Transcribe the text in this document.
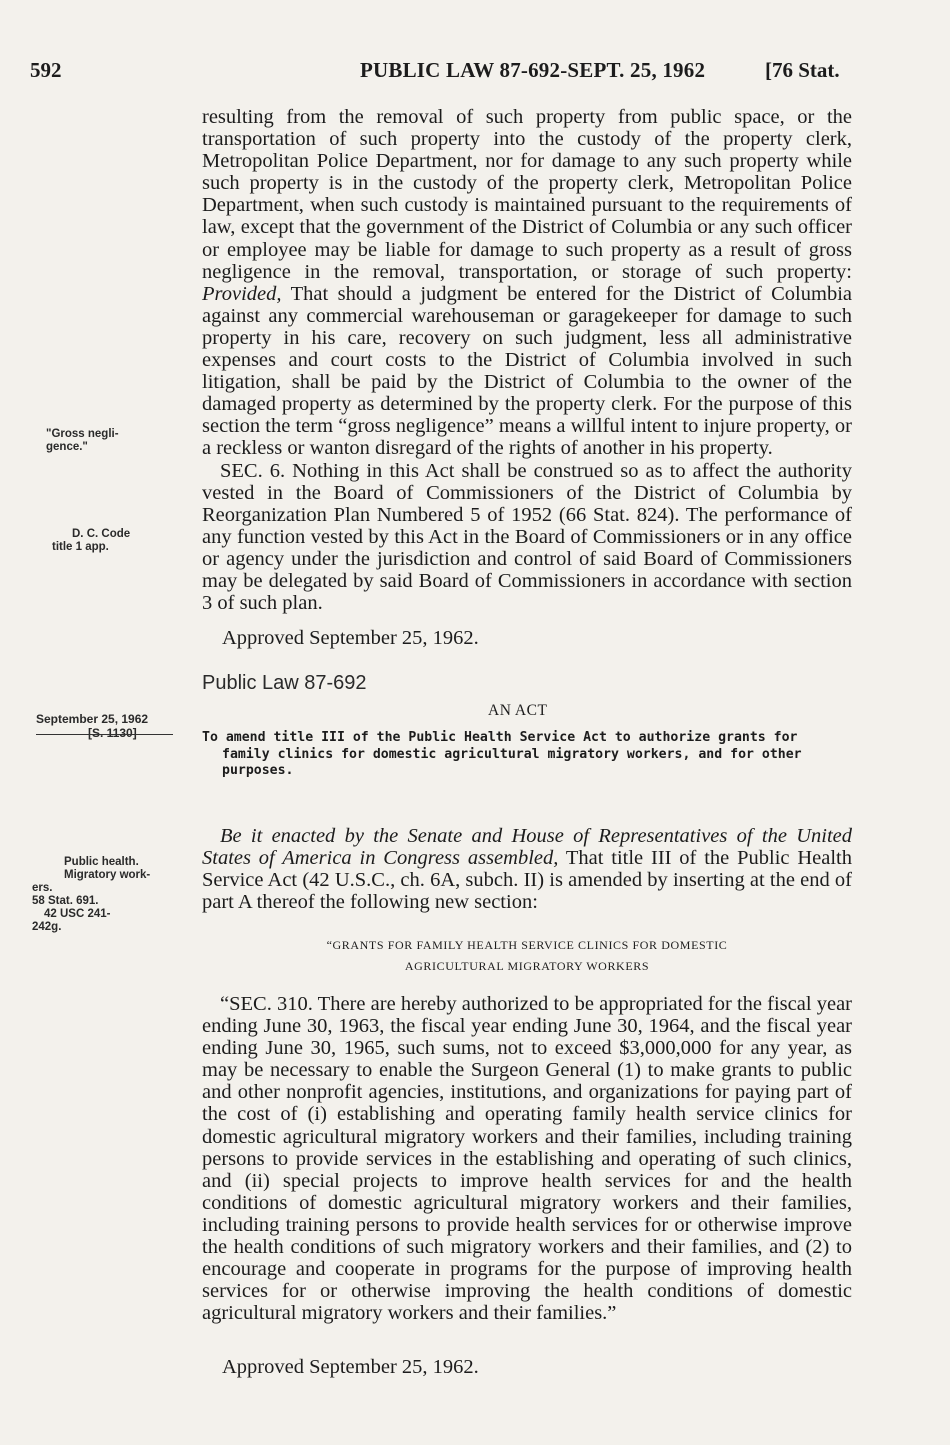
592	PUBLIC LAW 87-692-SEPT. 25, 1962	[76 Stat.
"Gross negli-
gence."
D. C. Code
title 1 app.
September 25, 1962
[S. 1130]
Public health.
Migratory work-
ers.
58 Stat. 691.
42 USC 241-
242g.

resulting from the removal of such property from public space, or the transportation of such property into the custody of the property clerk, Metropolitan Police Department, nor for damage to any such property while such property is in the custody of the property clerk, Metropolitan Police Department, when such custody is maintained pursuant to the requirements of law, except that the government of the District of Columbia or any such officer or employee may be liable for damage to such property as a result of gross negligence in the removal, transportation, or storage of such property: Provided, That should a judgment be entered for the District of Columbia against any commercial warehouseman or garagekeeper for damage to such property in his care, recovery on such judgment, less all administrative expenses and court costs to the District of Columbia involved in such litigation, shall be paid by the District of Columbia to the owner of the damaged property as determined by the property clerk. For the purpose of this section the term “gross negligence” means a willful intent to injure property, or a reckless or wanton disregard of the rights of another in his property.

SEC. 6. Nothing in this Act shall be construed so as to affect the authority vested in the Board of Commissioners of the District of Columbia by Reorganization Plan Numbered 5 of 1952 (66 Stat. 824). The performance of any function vested by this Act in the Board of Commissioners or in any office or agency under the jurisdiction and control of said Board of Commissioners may be delegated by said Board of Commissioners in accordance with section 3 of such plan.

Approved September 25, 1962.
Public Law 87-692
AN ACT
To amend title III of the Public Health Service Act to authorize grants for
family clinics for domestic agricultural migratory workers, and for other
purposes.

Be it enacted by the Senate and House of Representatives of the United States of America in Congress assembled, That title III of the Public Health Service Act (42 U.S.C., ch. 6A, subch. II) is amended by inserting at the end of part A thereof the following new section:

“GRANTS FOR FAMILY HEALTH SERVICE CLINICS FOR DOMESTIC
AGRICULTURAL MIGRATORY WORKERS

“SEC. 310. There are hereby authorized to be appropriated for the fiscal year ending June 30, 1963, the fiscal year ending June 30, 1964, and the fiscal year ending June 30, 1965, such sums, not to exceed $3,000,000 for any year, as may be necessary to enable the Surgeon General (1) to make grants to public and other nonprofit agencies, institutions, and organizations for paying part of the cost of (i) establishing and operating family health service clinics for domestic agricultural migratory workers and their families, including training persons to provide services in the establishing and operating of such clinics, and (ii) special projects to improve health services for and the health conditions of domestic agricultural migratory workers and their families, including training persons to provide health services for or otherwise improve the health conditions of such migratory workers and their families, and (2) to encourage and cooperate in programs for the purpose of improving health services for or otherwise improving the health conditions of domestic agricultural migratory workers and their families.”

Approved September 25, 1962.
